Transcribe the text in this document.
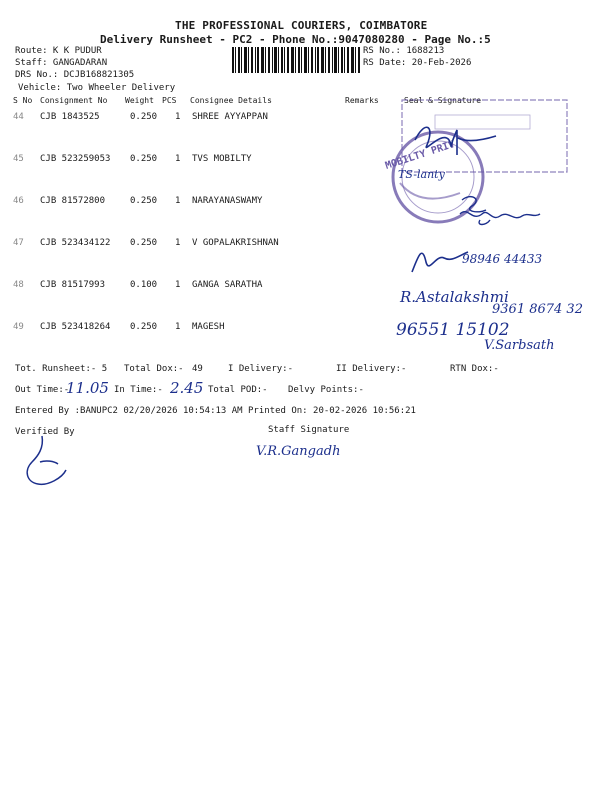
THE PROFESSIONAL COURIERS, COIMBATORE
Delivery Runsheet - PC2 - Phone No.:9047080280 - Page No.:5
Route: K K PUDUR
Staff: GANGADARAN
DRS No.: DCJB168821305
Vehicle: Two Wheeler Delivery
RS No.: 1688213
RS Date: 20-Feb-2026
S No Consignment No Weight PCS Consignee Details	Remarks	Seal & Signature
44 CJB 1843525	0.250 1 SHREE AYYAPPAN
45 CJB 523259053 0.250 1 TVS MOBILTY
46 CJB 81572800	0.250 1 NARAYANASWAMY
47 CJB 523434122 0.250 1 V GOPALAKRISHNAN
48 CJB 81517993	0.100 1 GANGA SARATHA
49 CJB 523418264 0.250 1 MAGESH
MOBILTY PRIV
TS-lanty
98946 44433
R.Astalakshmi
9361 8674 32
96551 15102
V.Sarbsath
Tot. Runsheet:- 5 Total Dox:- 49	I Delivery:-	II Delivery:-	RTN Dox:-
Out Time:-
11.05 In Time:- 2.45 Total POD:- Delvy Points:-
Entered By :BANUPC2 02/20/2026 10:54:13 AM Printed On: 20-02-2026 10:56:21
Verified By	Staff Signature
V.R.Gangadh
